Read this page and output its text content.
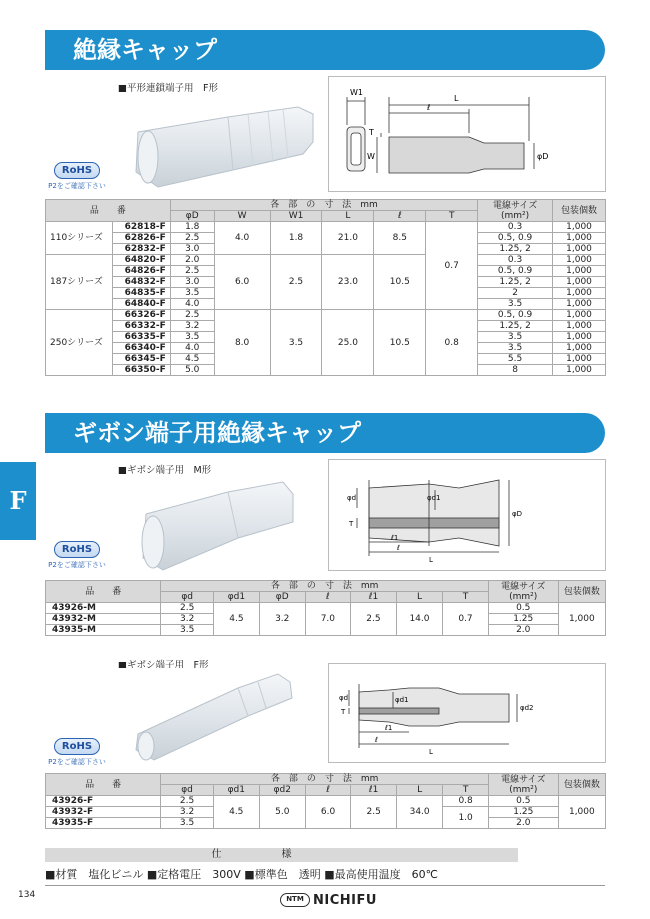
絶縁キャップ
■平形連鎖端子用　F形
RoHS
P2をご確認下さい
W1
L
ℓ
T
W	φD
品　　番		各　部　の　寸　法　mm						電線サイズ
(mm²)	包装個数
		φD	W	W1	L	ℓ	T		
110シリーズ	62818-F	1.8	4.0	1.8	21.0	8.5	0.7	0.3	1,000
	62826-F	2.5						0.5, 0.9	1,000
	62832-F	3.0						1.25, 2	1,000
187シリーズ	64820-F	2.0	6.0	2.5	23.0	10.5		0.3	1,000
	64826-F	2.5						0.5, 0.9	1,000
	64832-F	3.0						1.25, 2	1,000
	64835-F	3.5						2	1,000
	64840-F	4.0						3.5	1,000
250シリーズ	66326-F	2.5	8.0	3.5	25.0	10.5	0.8	0.5, 0.9	1,000
	66332-F	3.2						1.25, 2	1,000
	66335-F	3.5						3.5	1,000
	66340-F	4.0						3.5	1,000
	66345-F	4.5						5.5	1,000
	66350-F	5.0						8	1,000
ギボシ端子用絶縁キャップ
F
■ギボシ端子用　M形
RoHS
P2をご確認下さい
φd	φd1
φD
T
ℓ1
ℓ
L
品　　番	各　部　の　寸　法　mm							電線サイズ
(mm²)	包装個数
	φd	φd1	φD	ℓ	ℓ1	L	T		
43926-M	2.5	4.5	3.2	7.0	2.5	14.0	0.7	0.5	1,000
43932-M	3.2							1.25	
43935-M	3.5							2.0	
■ギボシ端子用　F形
RoHS
P2をご確認下さい
φd	φd1
φd2
T
ℓ1
ℓ
L
品　　番	各　部　の　寸　法　mm							電線サイズ
(mm²)	包装個数
	φd	φd1	φd2	ℓ	ℓ1	L	T		
43926-F	2.5	4.5	5.0	6.0	2.5	34.0	0.8	0.5	1,000
43932-F	3.2						1.0	1.25	
43935-F	3.5							2.0	
仕様
■材質　塩化ビニル ■定格電圧　300V ■標準色　透明 ■最高使用温度　60℃
134	NTM NICHIFU
